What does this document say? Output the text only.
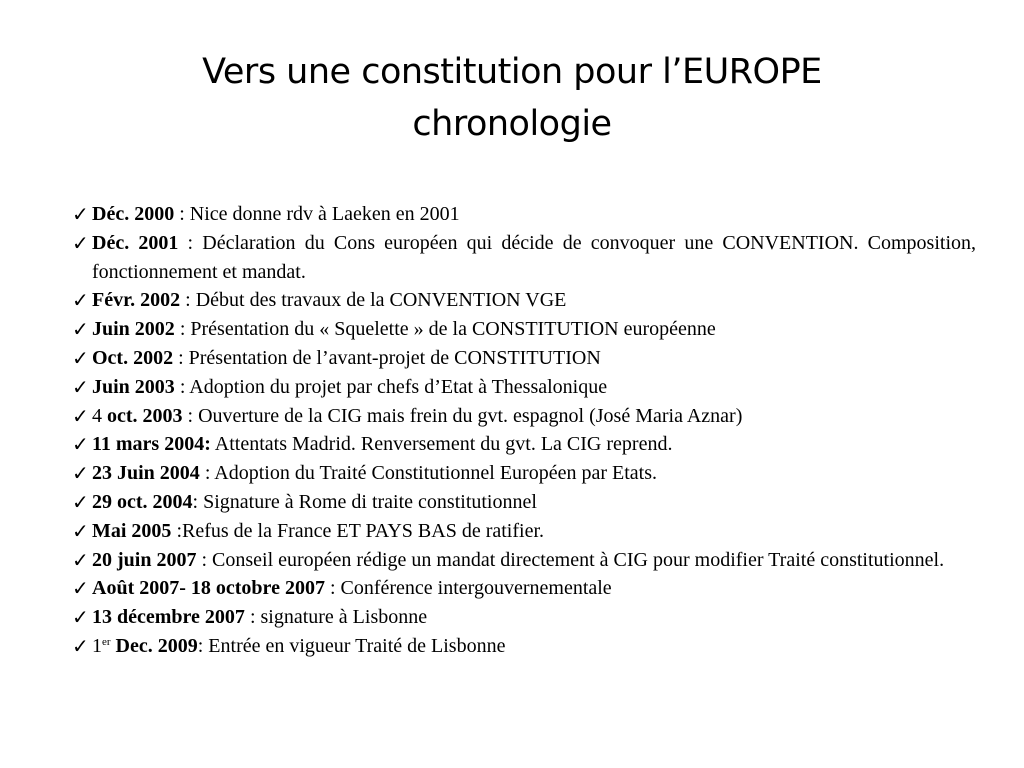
Vers une constitution pour l’EUROPE
chronologie
✓ Déc. 2000 : Nice donne rdv à Laeken en 2001
✓ Déc. 2001 : Déclaration du Cons européen qui décide de convoquer une CONVENTION. Composition, fonctionnement et mandat.
✓ Févr. 2002 : Début des travaux de la CONVENTION VGE
✓ Juin 2002 : Présentation du « Squelette » de la CONSTITUTION européenne
✓ Oct. 2002 : Présentation de l’avant-projet de CONSTITUTION
✓ Juin 2003 : Adoption du projet par chefs d’Etat à Thessalonique
✓ 4 oct. 2003 : Ouverture de la CIG mais frein du gvt. espagnol (José Maria Aznar)
✓ 11 mars 2004: Attentats Madrid. Renversement du gvt. La CIG reprend.
✓ 23 Juin 2004 : Adoption du Traité Constitutionnel Européen par Etats.
✓ 29 oct. 2004: Signature à Rome di traite constitutionnel
✓ Mai 2005 :Refus de la France ET PAYS BAS de ratifier.
✓ 20 juin 2007 : Conseil européen rédige un mandat directement à CIG pour modifier Traité constitutionnel.
✓ Août 2007- 18 octobre 2007 : Conférence intergouvernementale
✓ 13 décembre 2007 : signature à Lisbonne
✓ 1er Dec. 2009: Entrée en vigueur Traité de Lisbonne
